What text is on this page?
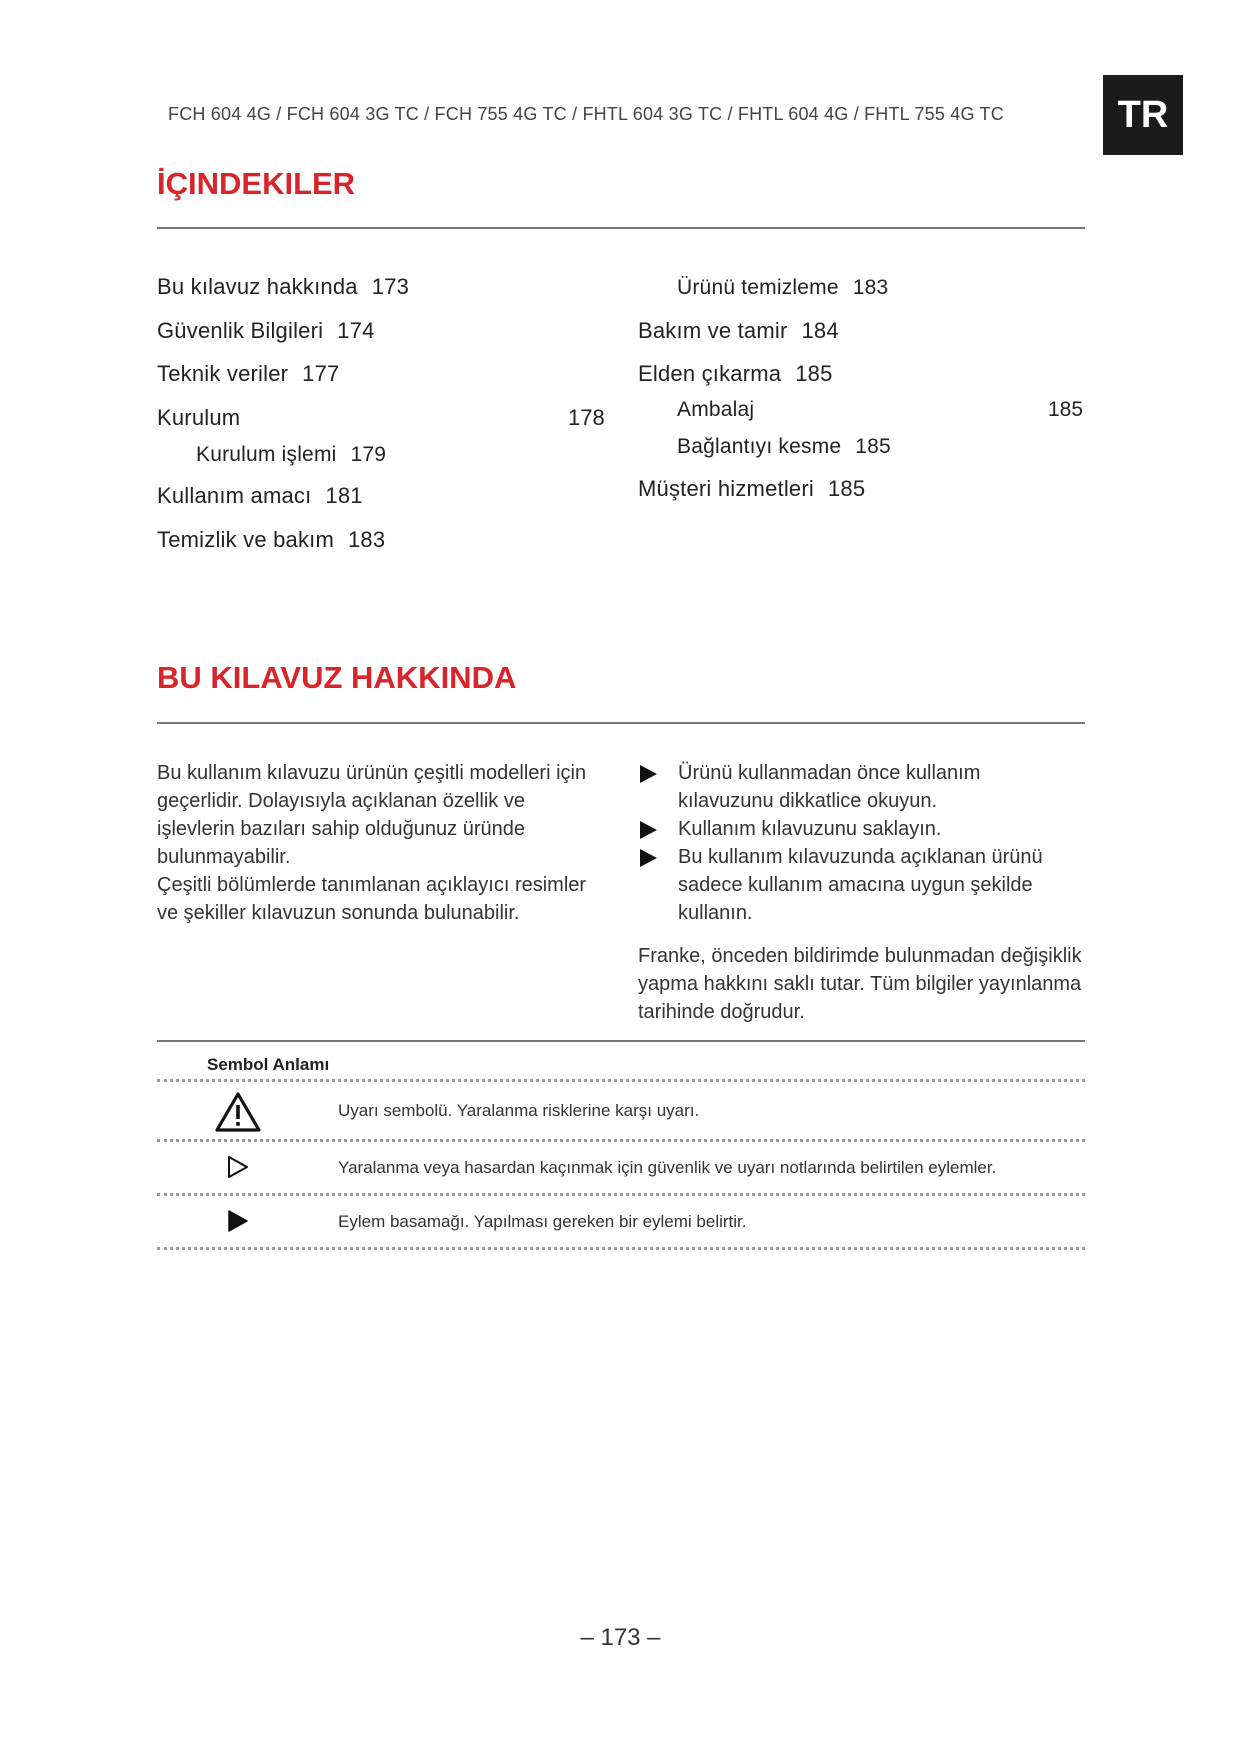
FCH 604 4G / FCH 604 3G TC / FCH 755 4G TC / FHTL 604 3G TC / FHTL 604 4G / FHTL 755 4G TC	TR
İÇINDEKILER
Bu kılavuz hakkında 173
Güvenlik Bilgileri 174
Teknik veriler 177
Kurulum	178
Kurulum işlemi 179
Kullanım amacı 181
Temizlik ve bakım 183
Ürünü temizleme 183
Bakım ve tamir 184
Elden çıkarma 185
Ambalaj	185
Bağlantıyı kesme 185
Müşteri hizmetleri 185
BU KILAVUZ HAKKINDA

Bu kullanım kılavuzu ürünün çeşitli modelleri için geçerlidir. Dolayısıyla açıklanan özellik ve işlevlerin bazıları sahip olduğunuz üründe bulunmayabilir.

Çeşitli bölümlerde tanımlanan açıklayıcı resimler ve şekiller kılavuzun sonunda bulunabilir.

Ürünü kullanmadan önce kullanım kılavuzunu dikkatlice okuyun.
Kullanım kılavuzunu saklayın.
Bu kullanım kılavuzunda açıklanan ürünü sadece kullanım amacına uygun şekilde kullanın.

Franke, önceden bildirimde bulunmadan değişiklik yapma hakkını saklı tutar. Tüm bilgiler yayınlanma tarihinde doğrudur.

Sembol Anlamı
Uyarı sembolü. Yaralanma risklerine karşı uyarı.
Yaralanma veya hasardan kaçınmak için güvenlik ve uyarı notlarında belirtilen eylemler.
Eylem basamağı. Yapılması gereken bir eylemi belirtir.
– 173 –
